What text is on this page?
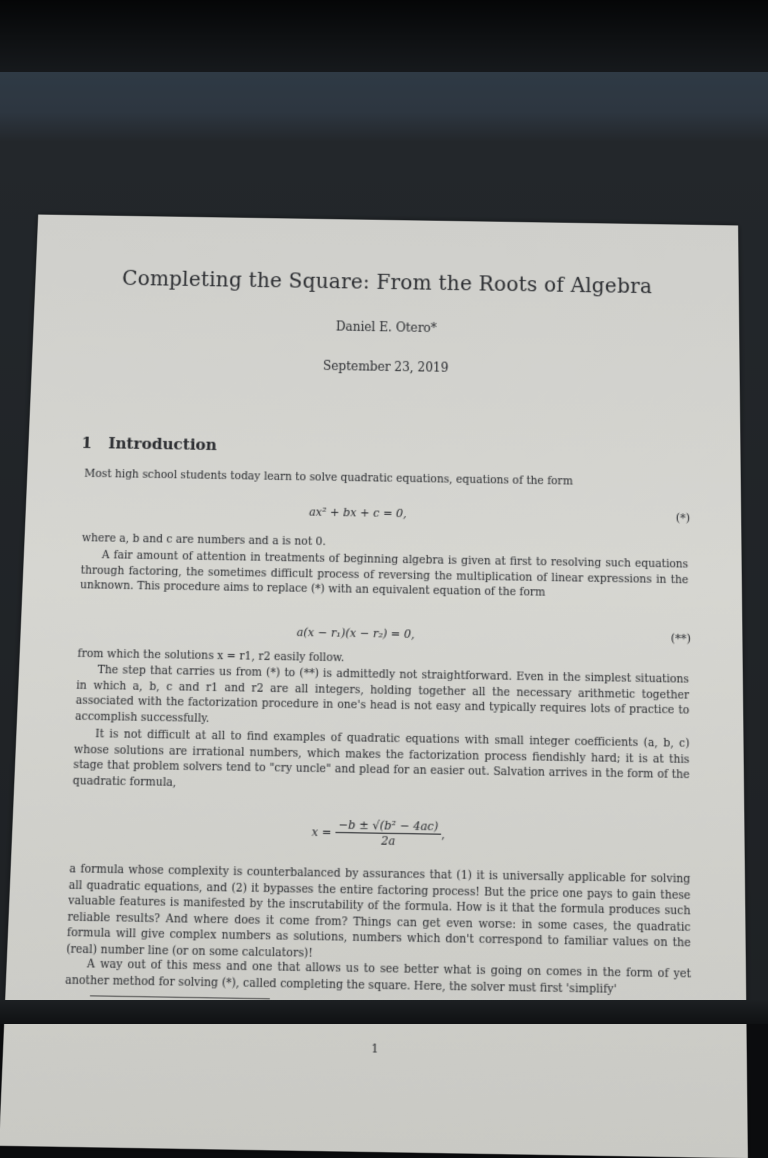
Completing the Square: From the Roots of Algebra
Daniel E. Otero*
September 23, 2019
1 Introduction
Most high school students today learn to solve quadratic equations, equations of the form
ax² + bx + c = 0,	(*)
where a, b and c are numbers and a is not 0.
A fair amount of attention in treatments of beginning algebra is given at first to resolving such equations through factoring, the sometimes difficult process of reversing the multiplication of linear expressions in the unknown. This procedure aims to replace (*) with an equivalent equation of the form
a(x − r₁)(x − r₂) = 0,	(**)
from which the solutions x = r1, r2 easily follow.
The step that carries us from (*) to (**) is admittedly not straightforward. Even in the simplest situations in which a, b, c and r1 and r2 are all integers, holding together all the necessary arithmetic together associated with the factorization procedure in one's head is not easy and typically requires lots of practice to accomplish successfully.
It is not difficult at all to find examples of quadratic equations with small integer coefficients (a, b, c) whose solutions are irrational numbers, which makes the factorization process fiendishly hard; it is at this stage that problem solvers tend to "cry uncle" and plead for an easier out. Salvation arrives in the form of the quadratic formula,
$x = \frac{\text{−b ± √(b² − 4ac)}}{2a}$ ,
a formula whose complexity is counterbalanced by assurances that (1) it is universally applicable for solving all quadratic equations, and (2) it bypasses the entire factoring process! But the price one pays to gain these valuable features is manifested by the inscrutability of the formula. How is it that the formula produces such reliable results? And where does it come from? Things can get even worse: in some cases, the quadratic formula will give complex numbers as solutions, numbers which don't correspond to familiar values on the (real) number line (or on some calculators)!
A way out of this mess and one that allows us to see better what is going on comes in the form of yet another method for solving (*), called completing the square. Here, the solver must first 'simplify'
1
